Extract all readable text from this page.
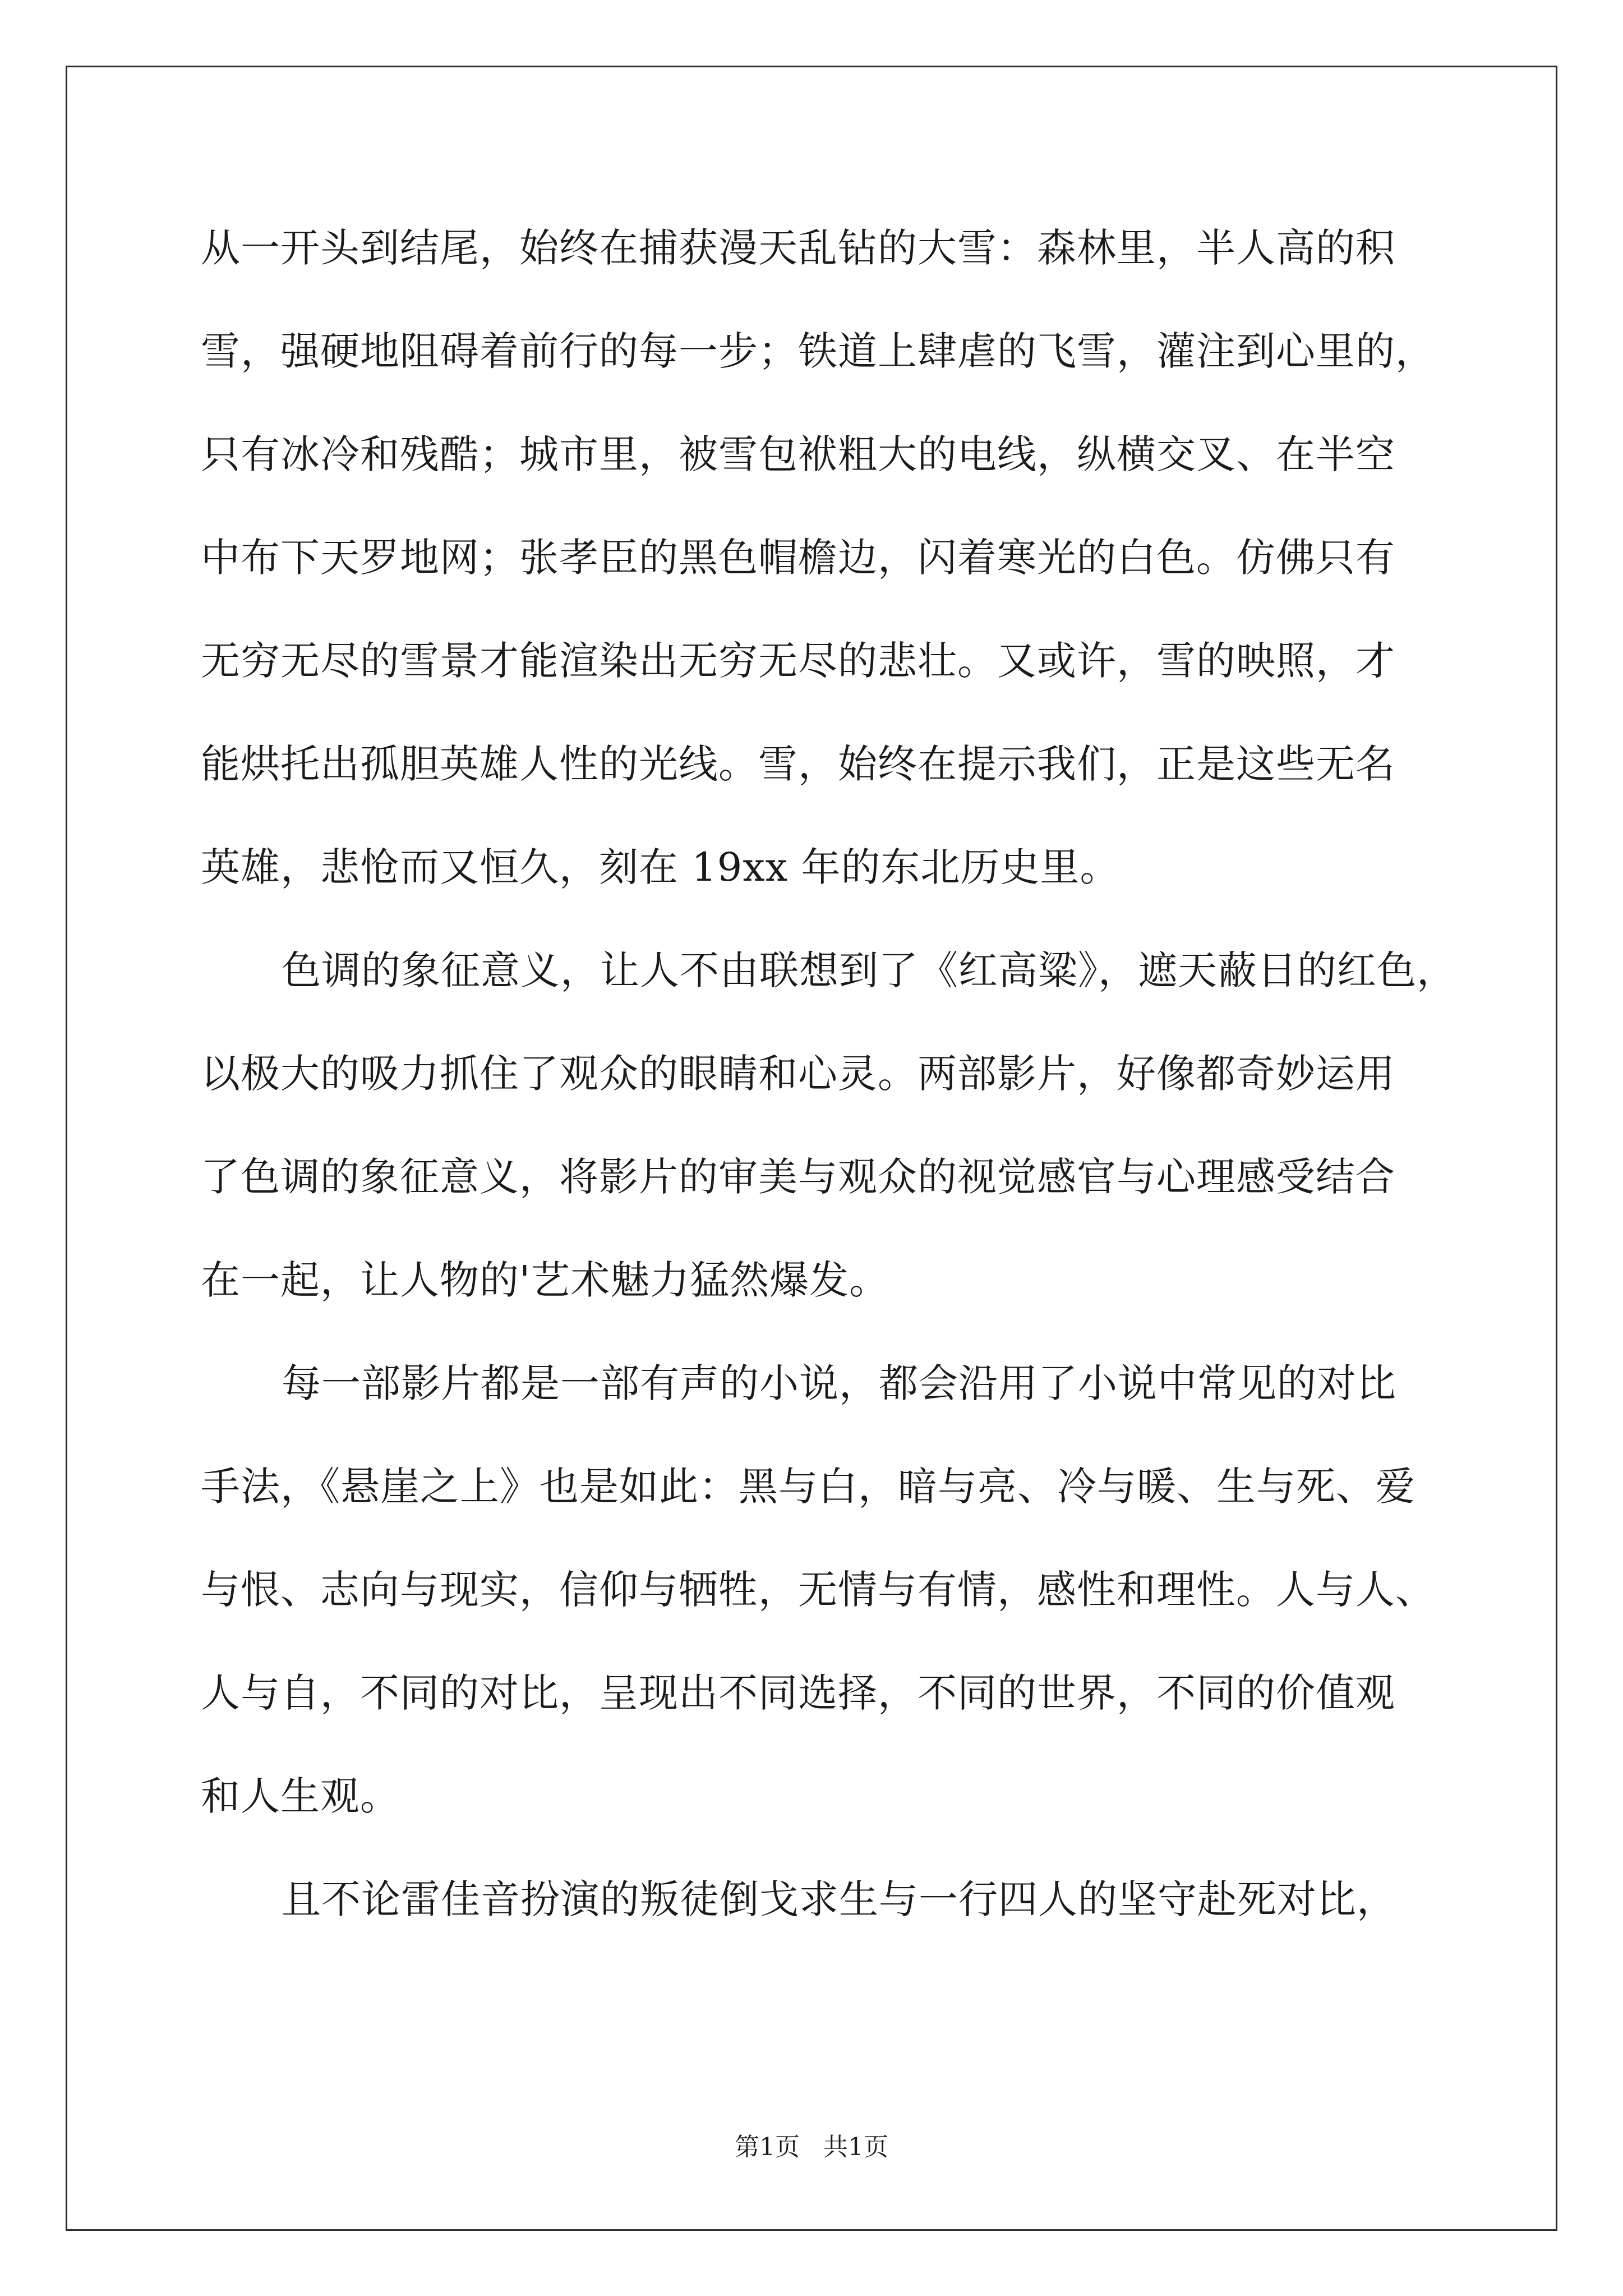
从一开头到结尾，始终在捕获漫天乱钻的大雪：森林里，半人高的积
雪，强硬地阻碍着前行的每一步；铁道上肆虐的飞雪，灌注到心里的，
只有冰冷和残酷；城市里，被雪包袱粗大的电线，纵横交叉、在半空
中布下天罗地网；张孝臣的黑色帽檐边，闪着寒光的白色。仿佛只有
无穷无尽的雪景才能渲染出无穷无尽的悲壮。又或许，雪的映照，才
能烘托出孤胆英雄人性的光线。雪，始终在提示我们，正是这些无名
英雄，悲怆而又恒久，刻在 19xx 年的东北历史里。
色调的象征意义，让人不由联想到了《红高粱》，遮天蔽日的红色，
以极大的吸力抓住了观众的眼睛和心灵。两部影片，好像都奇妙运用
了色调的象征意义，将影片的审美与观众的视觉感官与心理感受结合
在一起，让人物的'艺术魅力猛然爆发。
每一部影片都是一部有声的小说，都会沿用了小说中常见的对比
手法，《悬崖之上》也是如此：黑与白，暗与亮、冷与暖、生与死、爱
与恨、志向与现实，信仰与牺牲，无情与有情，感性和理性。人与人、
人与自，不同的对比，呈现出不同选择，不同的世界，不同的价值观
和人生观。
且不论雷佳音扮演的叛徒倒戈求生与一行四人的坚守赴死对比，
第1页   共1页
